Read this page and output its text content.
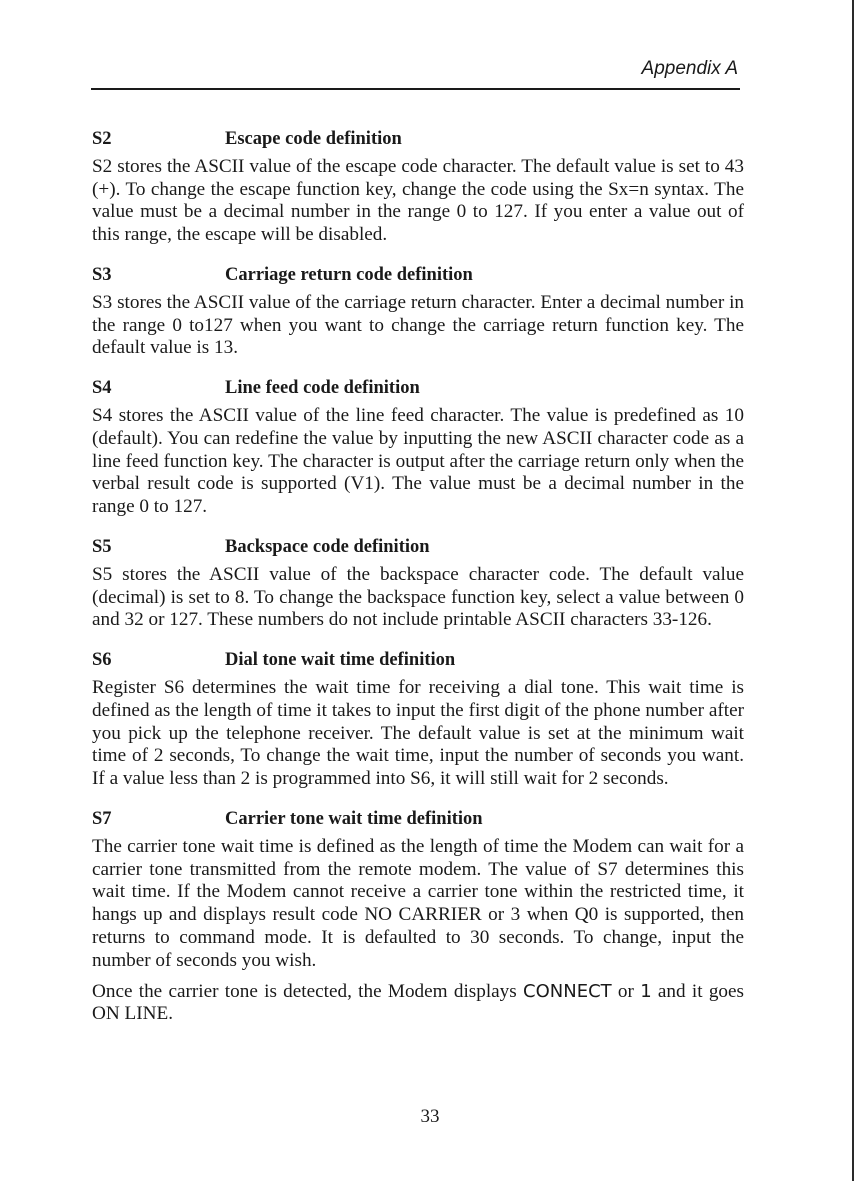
Appendix A
S2	Escape code definition

S2 stores the ASCII value of the escape code character. The default value is set to 43 (+). To change the escape function key, change the code using the Sx=n syntax. The value must be a decimal number in the range 0 to 127. If you enter a value out of this range, the escape will be disabled.

S3	Carriage return code definition

S3 stores the ASCII value of the carriage return character. Enter a decimal number in the range 0 to127 when you want to change the carriage return function key. The default value is 13.

S4	Line feed code definition

S4 stores the ASCII value of the line feed character. The value is predefined as 10 (default). You can redefine the value by inputting the new ASCII character code as a line feed function key. The character is output after the carriage return only when the verbal result code is supported (V1). The value must be a decimal number in the range 0 to 127.

S5	Backspace code definition

S5 stores the ASCII value of the backspace character code. The default value (decimal) is set to 8. To change the backspace function key, select a value between 0 and 32 or 127. These numbers do not include printable ASCII characters 33-126.

S6	Dial tone wait time definition

Register S6 determines the wait time for receiving a dial tone. This wait time is defined as the length of time it takes to input the first digit of the phone number after you pick up the telephone receiver. The default value is set at the minimum wait time of 2 seconds, To change the wait time, input the number of seconds you want. If a value less than 2 is programmed into S6, it will still wait for 2 seconds.

S7	Carrier tone wait time definition

The carrier tone wait time is defined as the length of time the Modem can wait for a carrier tone transmitted from the remote modem. The value of S7 determines this wait time. If the Modem cannot receive a carrier tone within the restricted time, it hangs up and displays result code NO CARRIER or 3 when Q0 is supported, then returns to command mode. It is defaulted to 30 seconds. To change, input the number of seconds you wish.

Once the carrier tone is detected, the Modem displays CONNECT or 1 and it goes ON LINE.

33
